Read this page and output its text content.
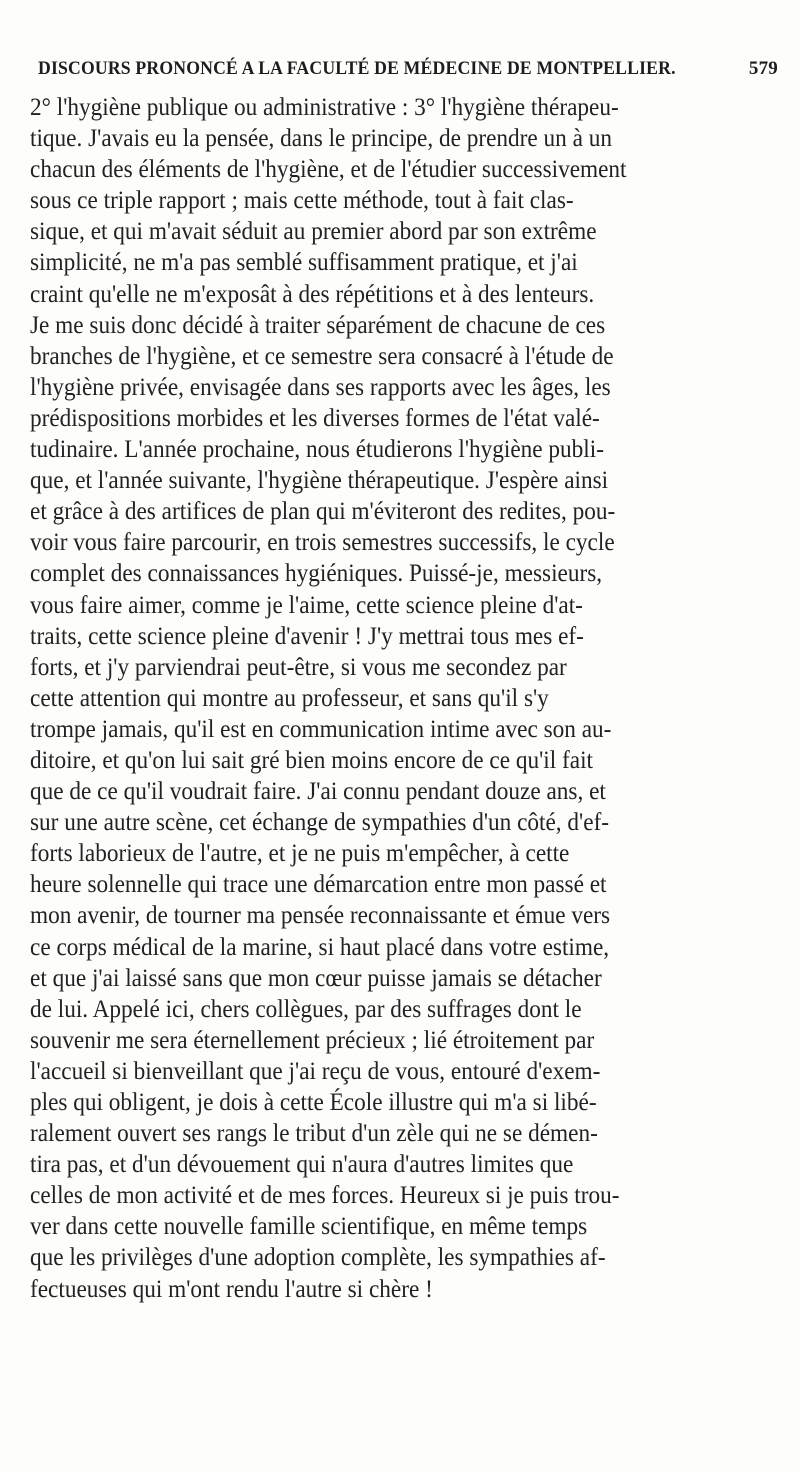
DISCOURS PRONONCÉ A LA FACULTÉ DE MÉDECINE DE MONTPELLIER.	579
2° l'hygiène publique ou administrative : 3° l'hygiène thérapeu-
tique. J'avais eu la pensée, dans le principe, de prendre un à un
chacun des éléments de l'hygiène, et de l'étudier successivement
sous ce triple rapport ; mais cette méthode, tout à fait clas-
sique, et qui m'avait séduit au premier abord par son extrême
simplicité, ne m'a pas semblé suffisamment pratique, et j'ai
craint qu'elle ne m'exposât à des répétitions et à des lenteurs.
Je me suis donc décidé à traiter séparément de chacune de ces
branches de l'hygiène, et ce semestre sera consacré à l'étude de
l'hygiène privée, envisagée dans ses rapports avec les âges, les
prédispositions morbides et les diverses formes de l'état valé-
tudinaire. L'année prochaine, nous étudierons l'hygiène publi-
que, et l'année suivante, l'hygiène thérapeutique. J'espère ainsi
et grâce à des artifices de plan qui m'éviteront des redites, pou-
voir vous faire parcourir, en trois semestres successifs, le cycle
complet des connaissances hygiéniques. Puissé-je, messieurs,
vous faire aimer, comme je l'aime, cette science pleine d'at-
traits, cette science pleine d'avenir ! J'y mettrai tous mes ef-
forts, et j'y parviendrai peut-être, si vous me secondez par
cette attention qui montre au professeur, et sans qu'il s'y
trompe jamais, qu'il est en communication intime avec son au-
ditoire, et qu'on lui sait gré bien moins encore de ce qu'il fait
que de ce qu'il voudrait faire. J'ai connu pendant douze ans, et
sur une autre scène, cet échange de sympathies d'un côté, d'ef-
forts laborieux de l'autre, et je ne puis m'empêcher, à cette
heure solennelle qui trace une démarcation entre mon passé et
mon avenir, de tourner ma pensée reconnaissante et émue vers
ce corps médical de la marine, si haut placé dans votre estime,
et que j'ai laissé sans que mon cœur puisse jamais se détacher
de lui. Appelé ici, chers collègues, par des suffrages dont le
souvenir me sera éternellement précieux ; lié étroitement par
l'accueil si bienveillant que j'ai reçu de vous, entouré d'exem-
ples qui obligent, je dois à cette École illustre qui m'a si libé-
ralement ouvert ses rangs le tribut d'un zèle qui ne se démen-
tira pas, et d'un dévouement qui n'aura d'autres limites que
celles de mon activité et de mes forces. Heureux si je puis trou-
ver dans cette nouvelle famille scientifique, en même temps
que les privilèges d'une adoption complète, les sympathies af-
fectueuses qui m'ont rendu l'autre si chère !
